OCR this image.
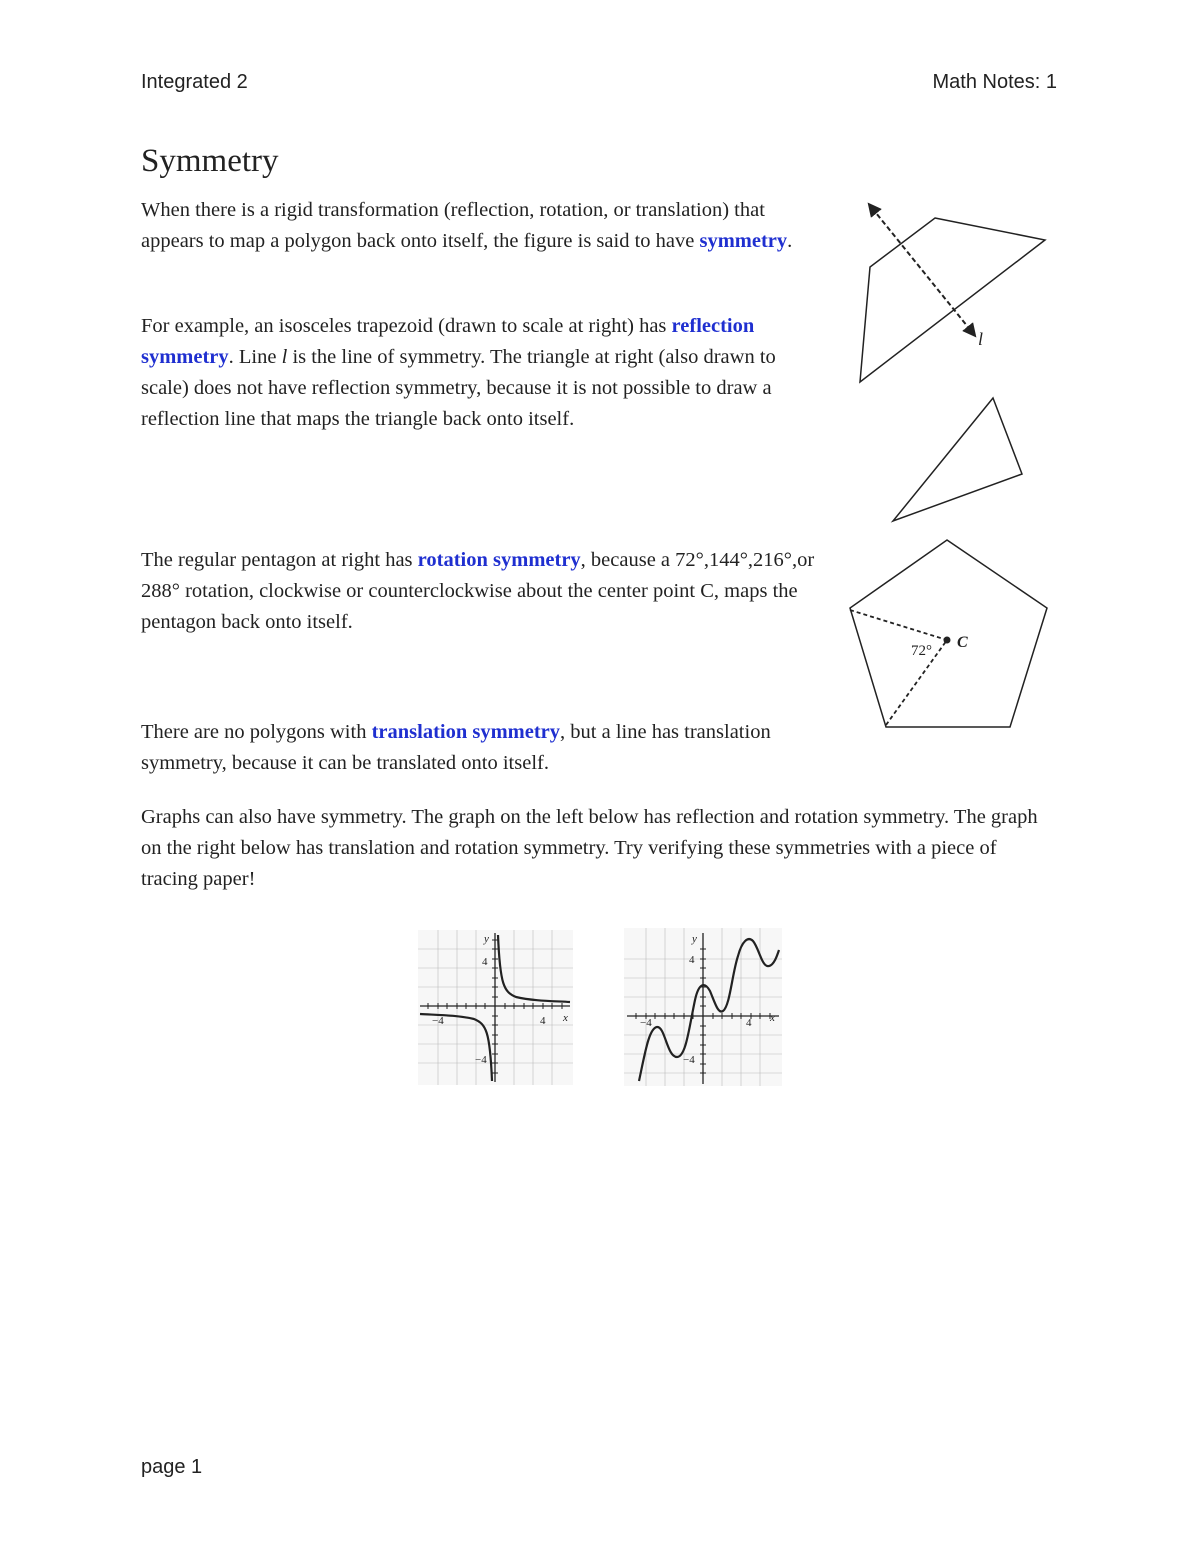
Integrated 2	Math Notes: 1
Symmetry
When there is a rigid transformation (reflection, rotation, or translation) that appears to map a polygon back onto itself, the figure is said to have symmetry.
For example, an isosceles trapezoid (drawn to scale at right) has reflection symmetry. Line l is the line of symmetry. The triangle at right (also drawn to scale) does not have reflection symmetry, because it is not possible to draw a reflection line that maps the triangle back onto itself.
The regular pentagon at right has rotation symmetry, because a 72°,144°,216°,or 288° rotation, clockwise or counterclockwise about the center point C, maps the pentagon back onto itself.
There are no polygons with translation symmetry, but a line has translation symmetry, because it can be translated onto itself.
Graphs can also have symmetry. The graph on the left below has reflection and rotation symmetry. The graph on the right below has translation and rotation symmetry. Try verifying these symmetries with a piece of tracing paper!
l
72° C
y
x
4
−4
−4	4
y
x
4
−4
−4	4
page 1
